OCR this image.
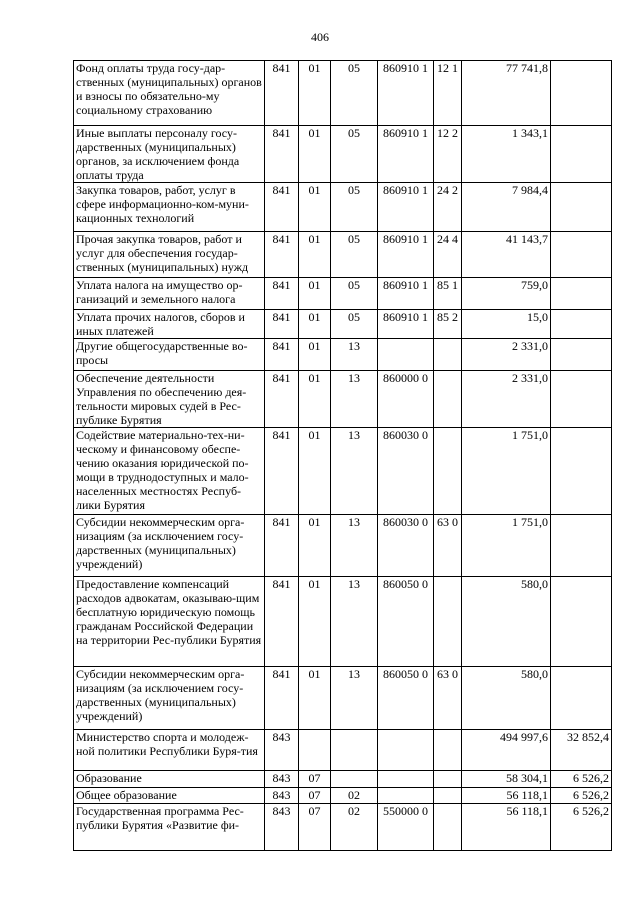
406
Фонд оплаты труда госу-дар-ственных (муниципальных) органов и взносы по обязательно-му социальному страхованию	841	01	05	860910 1	12 1	77 741,8	
Иные выплаты персоналу госу-дарственных (муниципальных) органов, за исключением фонда оплаты труда	841	01	05	860910 1	12 2	1 343,1	
Закупка товаров, работ, услуг в сфере информационно-ком-муни-кационных технологий	841	01	05	860910 1	24 2	7 984,4	
Прочая закупка товаров, работ и услуг для обеспечения государ-ственных (муниципальных) нужд	841	01	05	860910 1	24 4	41 143,7	
Уплата налога на имущество ор-ганизаций и земельного налога	841	01	05	860910 1	85 1	759,0	
Уплата прочих налогов, сборов и иных платежей	841	01	05	860910 1	85 2	15,0	
Другие общегосударственные во-просы	841	01	13			2 331,0	
Обеспечение деятельности Управления по обеспечению дея-тельности мировых судей в Рес-публике Бурятия	841	01	13	860000 0		2 331,0	
Содействие материально-тех-ни-ческому и финансовому обеспе-чению оказания юридической по-мощи в труднодоступных и мало-населенных местностях Респуб-лики Бурятия	841	01	13	860030 0		1 751,0	
Субсидии некоммерческим орга-низациям (за исключением госу-дарственных (муниципальных) учреждений)	841	01	13	860030 0	63 0	1 751,0	
Предоставление компенсаций расходов адвокатам, оказываю-щим бесплатную юридическую помощь гражданам Российской Федерации на территории Рес-публики Бурятия	841	01	13	860050 0		580,0	
Субсидии некоммерческим орга-низациям (за исключением госу-дарственных (муниципальных) учреждений)	841	01	13	860050 0	63 0	580,0	
Министерство спорта и молодеж-ной политики Республики Буря-тия	843					494 997,6	32 852,4
Образование	843	07				58 304,1	6 526,2
Общее образование	843	07	02			56 118,1	6 526,2
Государственная программа Рес-публики Бурятия «Развитие фи-	843	07	02	550000 0		56 118,1	6 526,2
